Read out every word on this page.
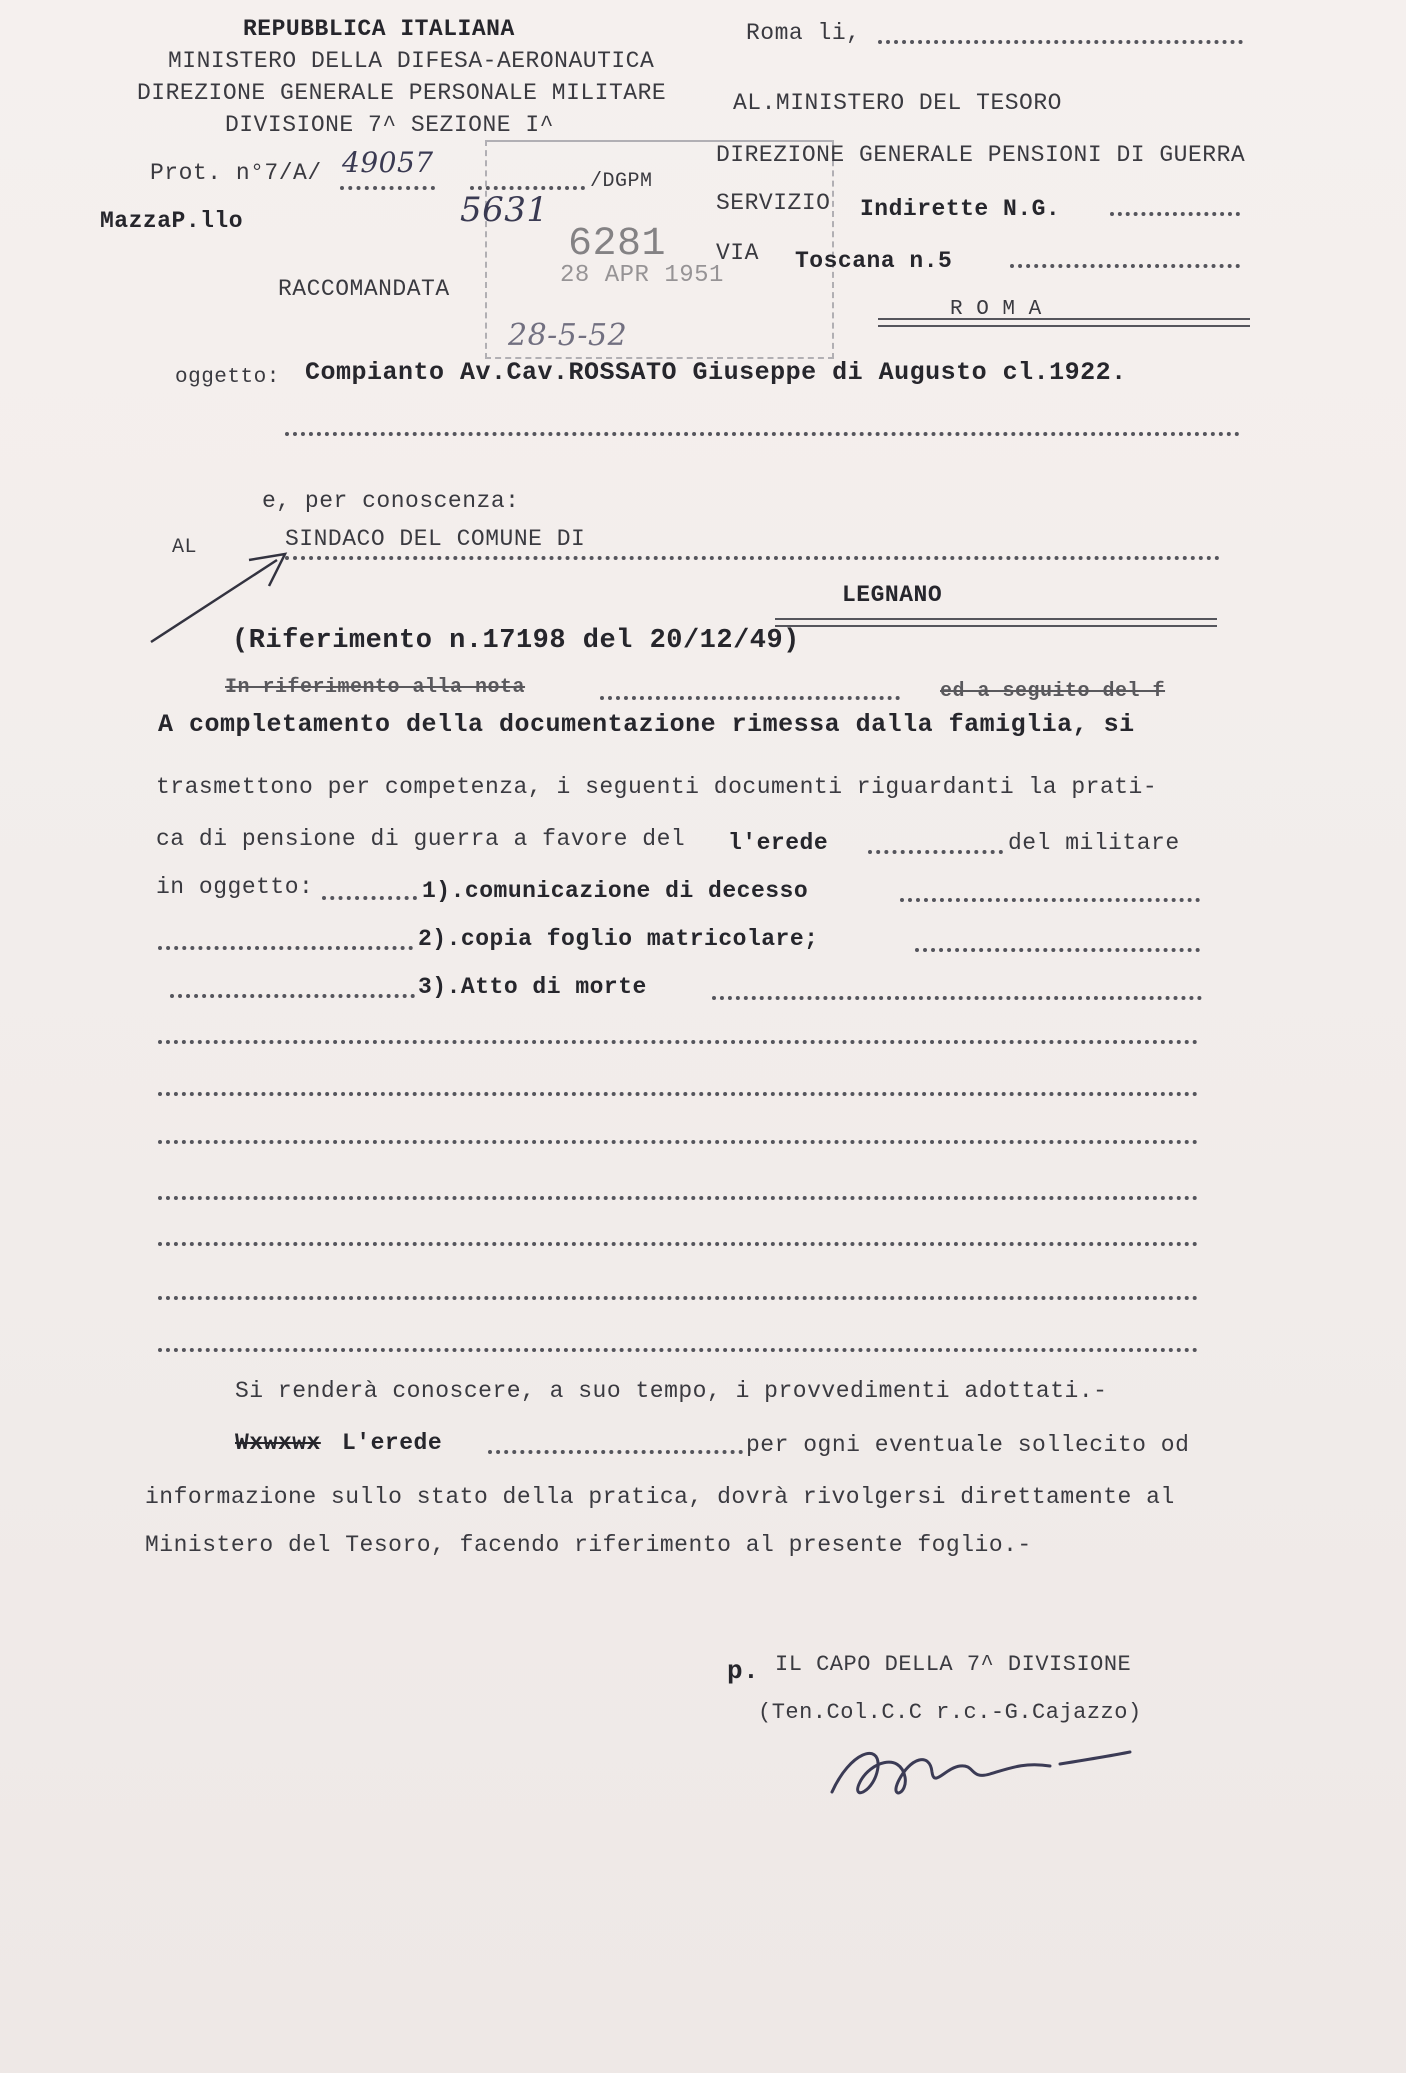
REPUBBLICA ITALIANA
MINISTERO DELLA DIFESA-AERONAUTICA
DIREZIONE GENERALE PERSONALE MILITARE
DIVISIONE 7^ SEZIONE I^
Prot. n°7/A/ 49057
/DGPM
MazzaP.llo
RACCOMANDATA
5631
6281
28 APR 1951
28-5-52
Roma li,
AL.MINISTERO DEL TESORO
DIREZIONE GENERALE PENSIONI DI GUERRA
SERVIZIO Indirette N.G.
VIA Toscana n.5
R O M A
oggetto: Compianto Av.Cav.ROSSATO Giuseppe di Augusto cl.1922.
e, per conoscenza:
AL	SINDACO DEL COMUNE DI
LEGNANO
(Riferimento n.17198 del 20/12/49)
In riferimento alla nota	ed a seguito del f
A completamento della documentazione rimessa dalla famiglia, si
trasmettono per competenza, i seguenti documenti riguardanti la prati-
ca di pensione di guerra a favore del l'erede	del militare
in oggetto:	1).comunicazione di decesso
2).copia foglio matricolare;
3).Atto di morte
Si renderà conoscere, a suo tempo, i provvedimenti adottati.-
Wxwxwx L'erede	per ogni eventuale sollecito od
informazione sullo stato della pratica, dovrà rivolgersi direttamente al
Ministero del Tesoro, facendo riferimento al presente foglio.-
p. IL CAPO DELLA 7^ DIVISIONE
(Ten.Col.C.C r.c.-G.Cajazzo)
